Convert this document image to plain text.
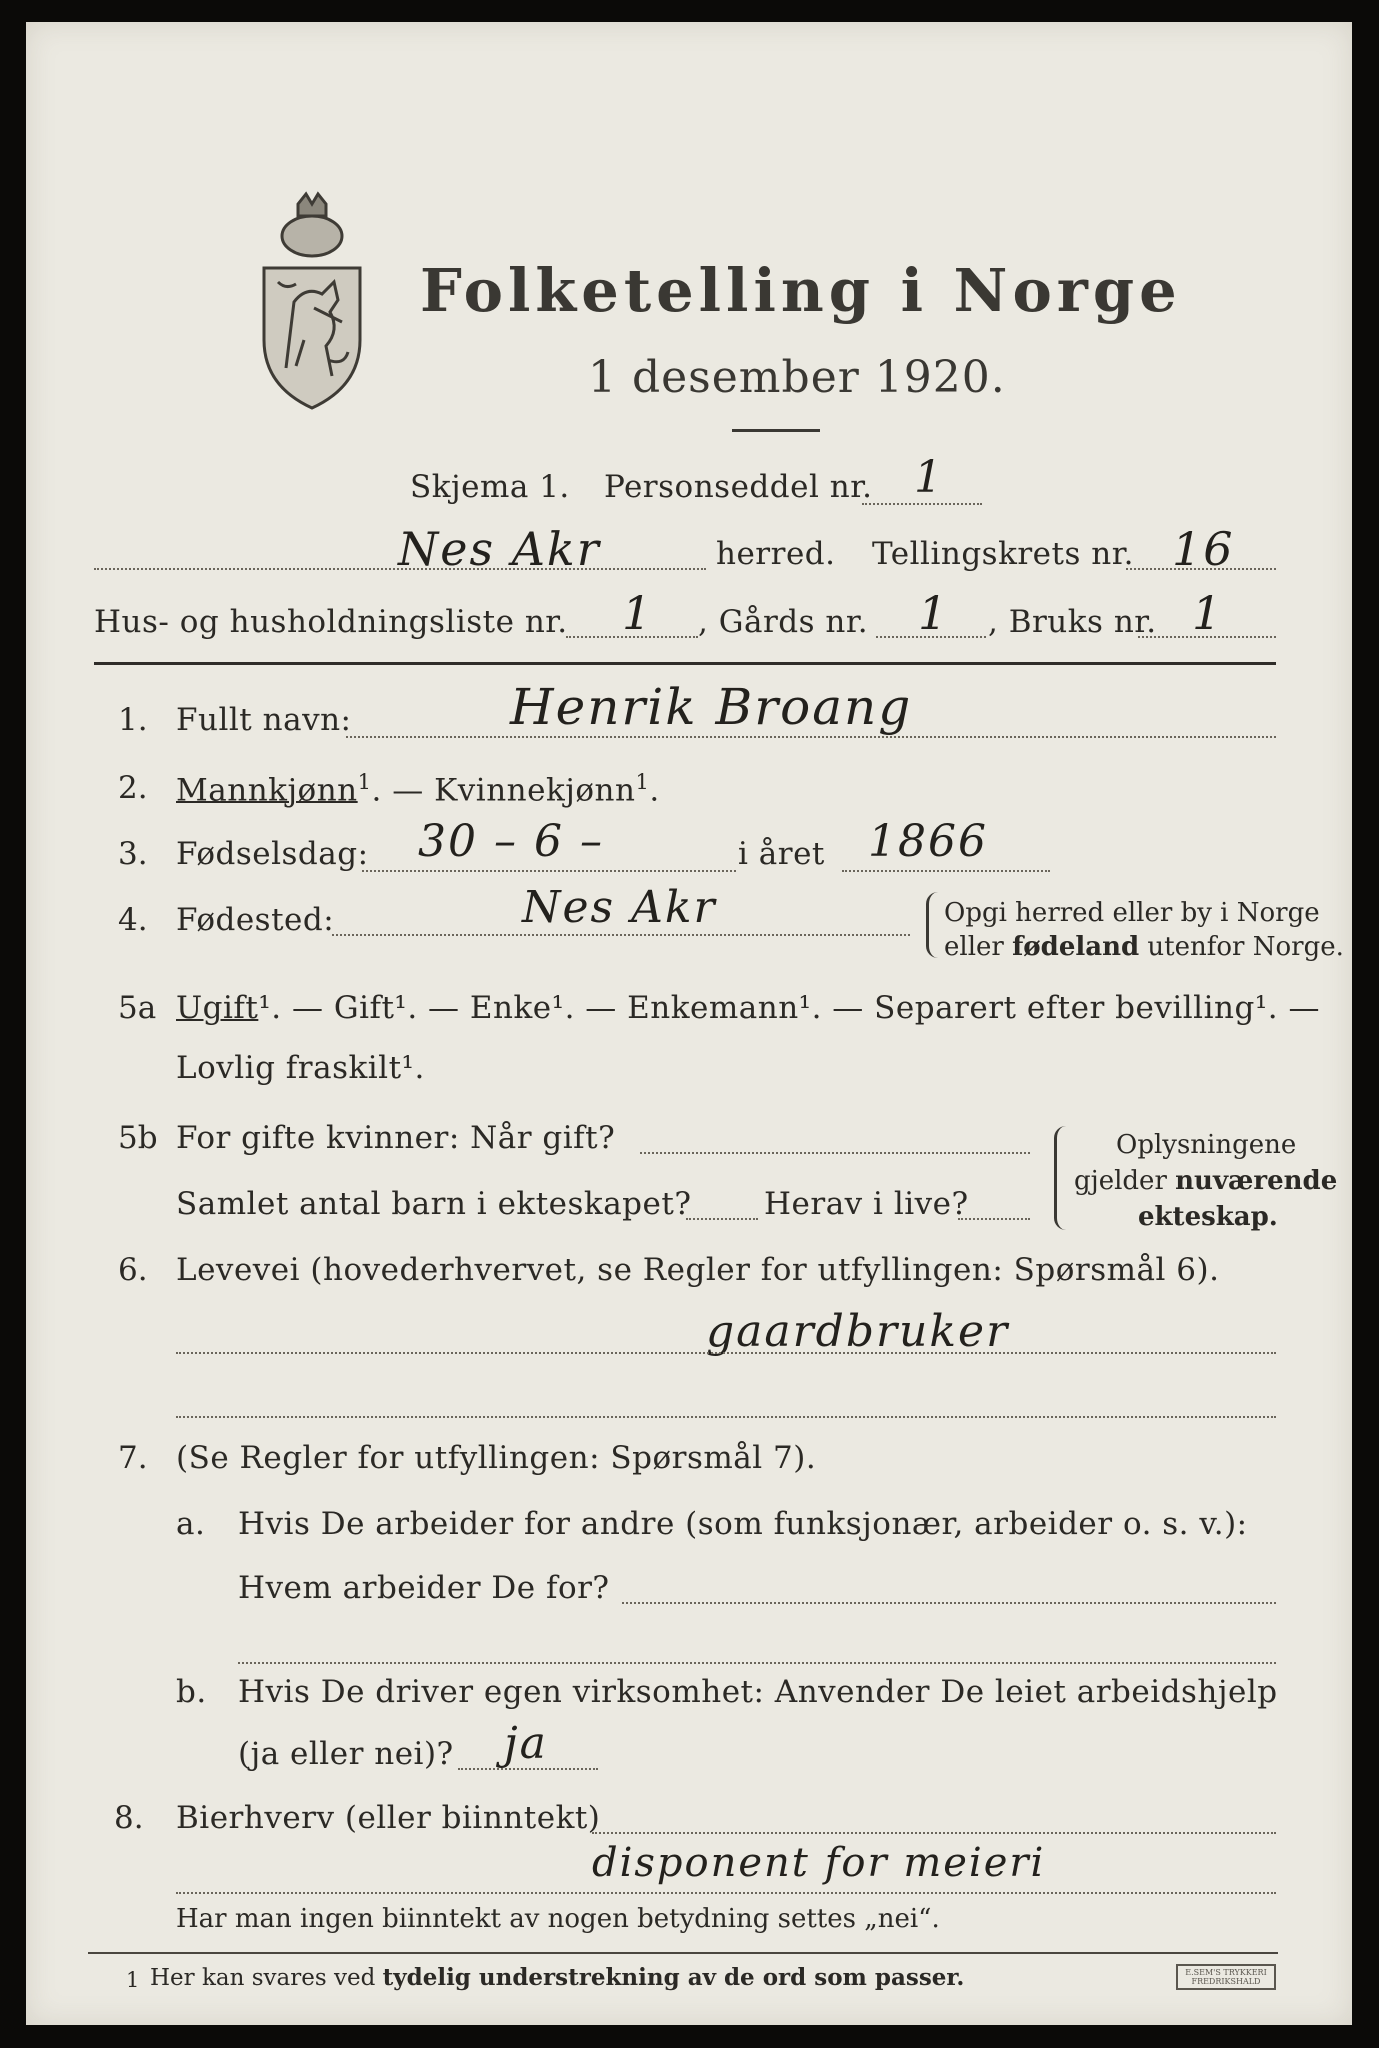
Folketelling i Norge
1 desember 1920.
Skjema 1. Personseddel nr. 1
Nes Akr	herred. Tellingskrets nr. 16
Hus- og husholdningsliste nr. 1 , Gårds nr. 1 , Bruks nr. 1
1. Fullt navn:	Henrik Broang
2. Mannkjønn$^1$. — Kvinnekjønn$^1$.
3. Fødselsdag: 30 – 6 –	i året 1866
4. Fødested:	Nes Akr	Opgi herred eller by i Norge
eller fødeland utenfor Norge.
5a Ugift¹. — Gift¹. — Enke¹. — Enkemann¹. — Separert efter bevilling¹. —
Lovlig fraskilt¹.
5b For gifte kvinner: Når gift?
Samlet antal barn i ekteskapet? Herav i live?
Oplysningene
gjelder nuværende
ekteskap.
6. Levevei (hovederhvervet, se Regler for utfyllingen: Spørsmål 6).
gaardbruker
7. (Se Regler for utfyllingen: Spørsmål 7).
a. Hvis De arbeider for andre (som funksjonær, arbeider o. s. v.):
Hvem arbeider De for?
b. Hvis De driver egen virksomhet: Anvender De leiet arbeidshjelp
(ja eller nei)? ja
8. Bierhverv (eller biinntekt)
disponent for meieri
Har man ingen biinntekt av nogen betydning settes „nei“.
1 Her kan svares ved tydelig understrekning av de ord som passer.	E.SEM'S TRYKKERI
FREDRIKSHALD
